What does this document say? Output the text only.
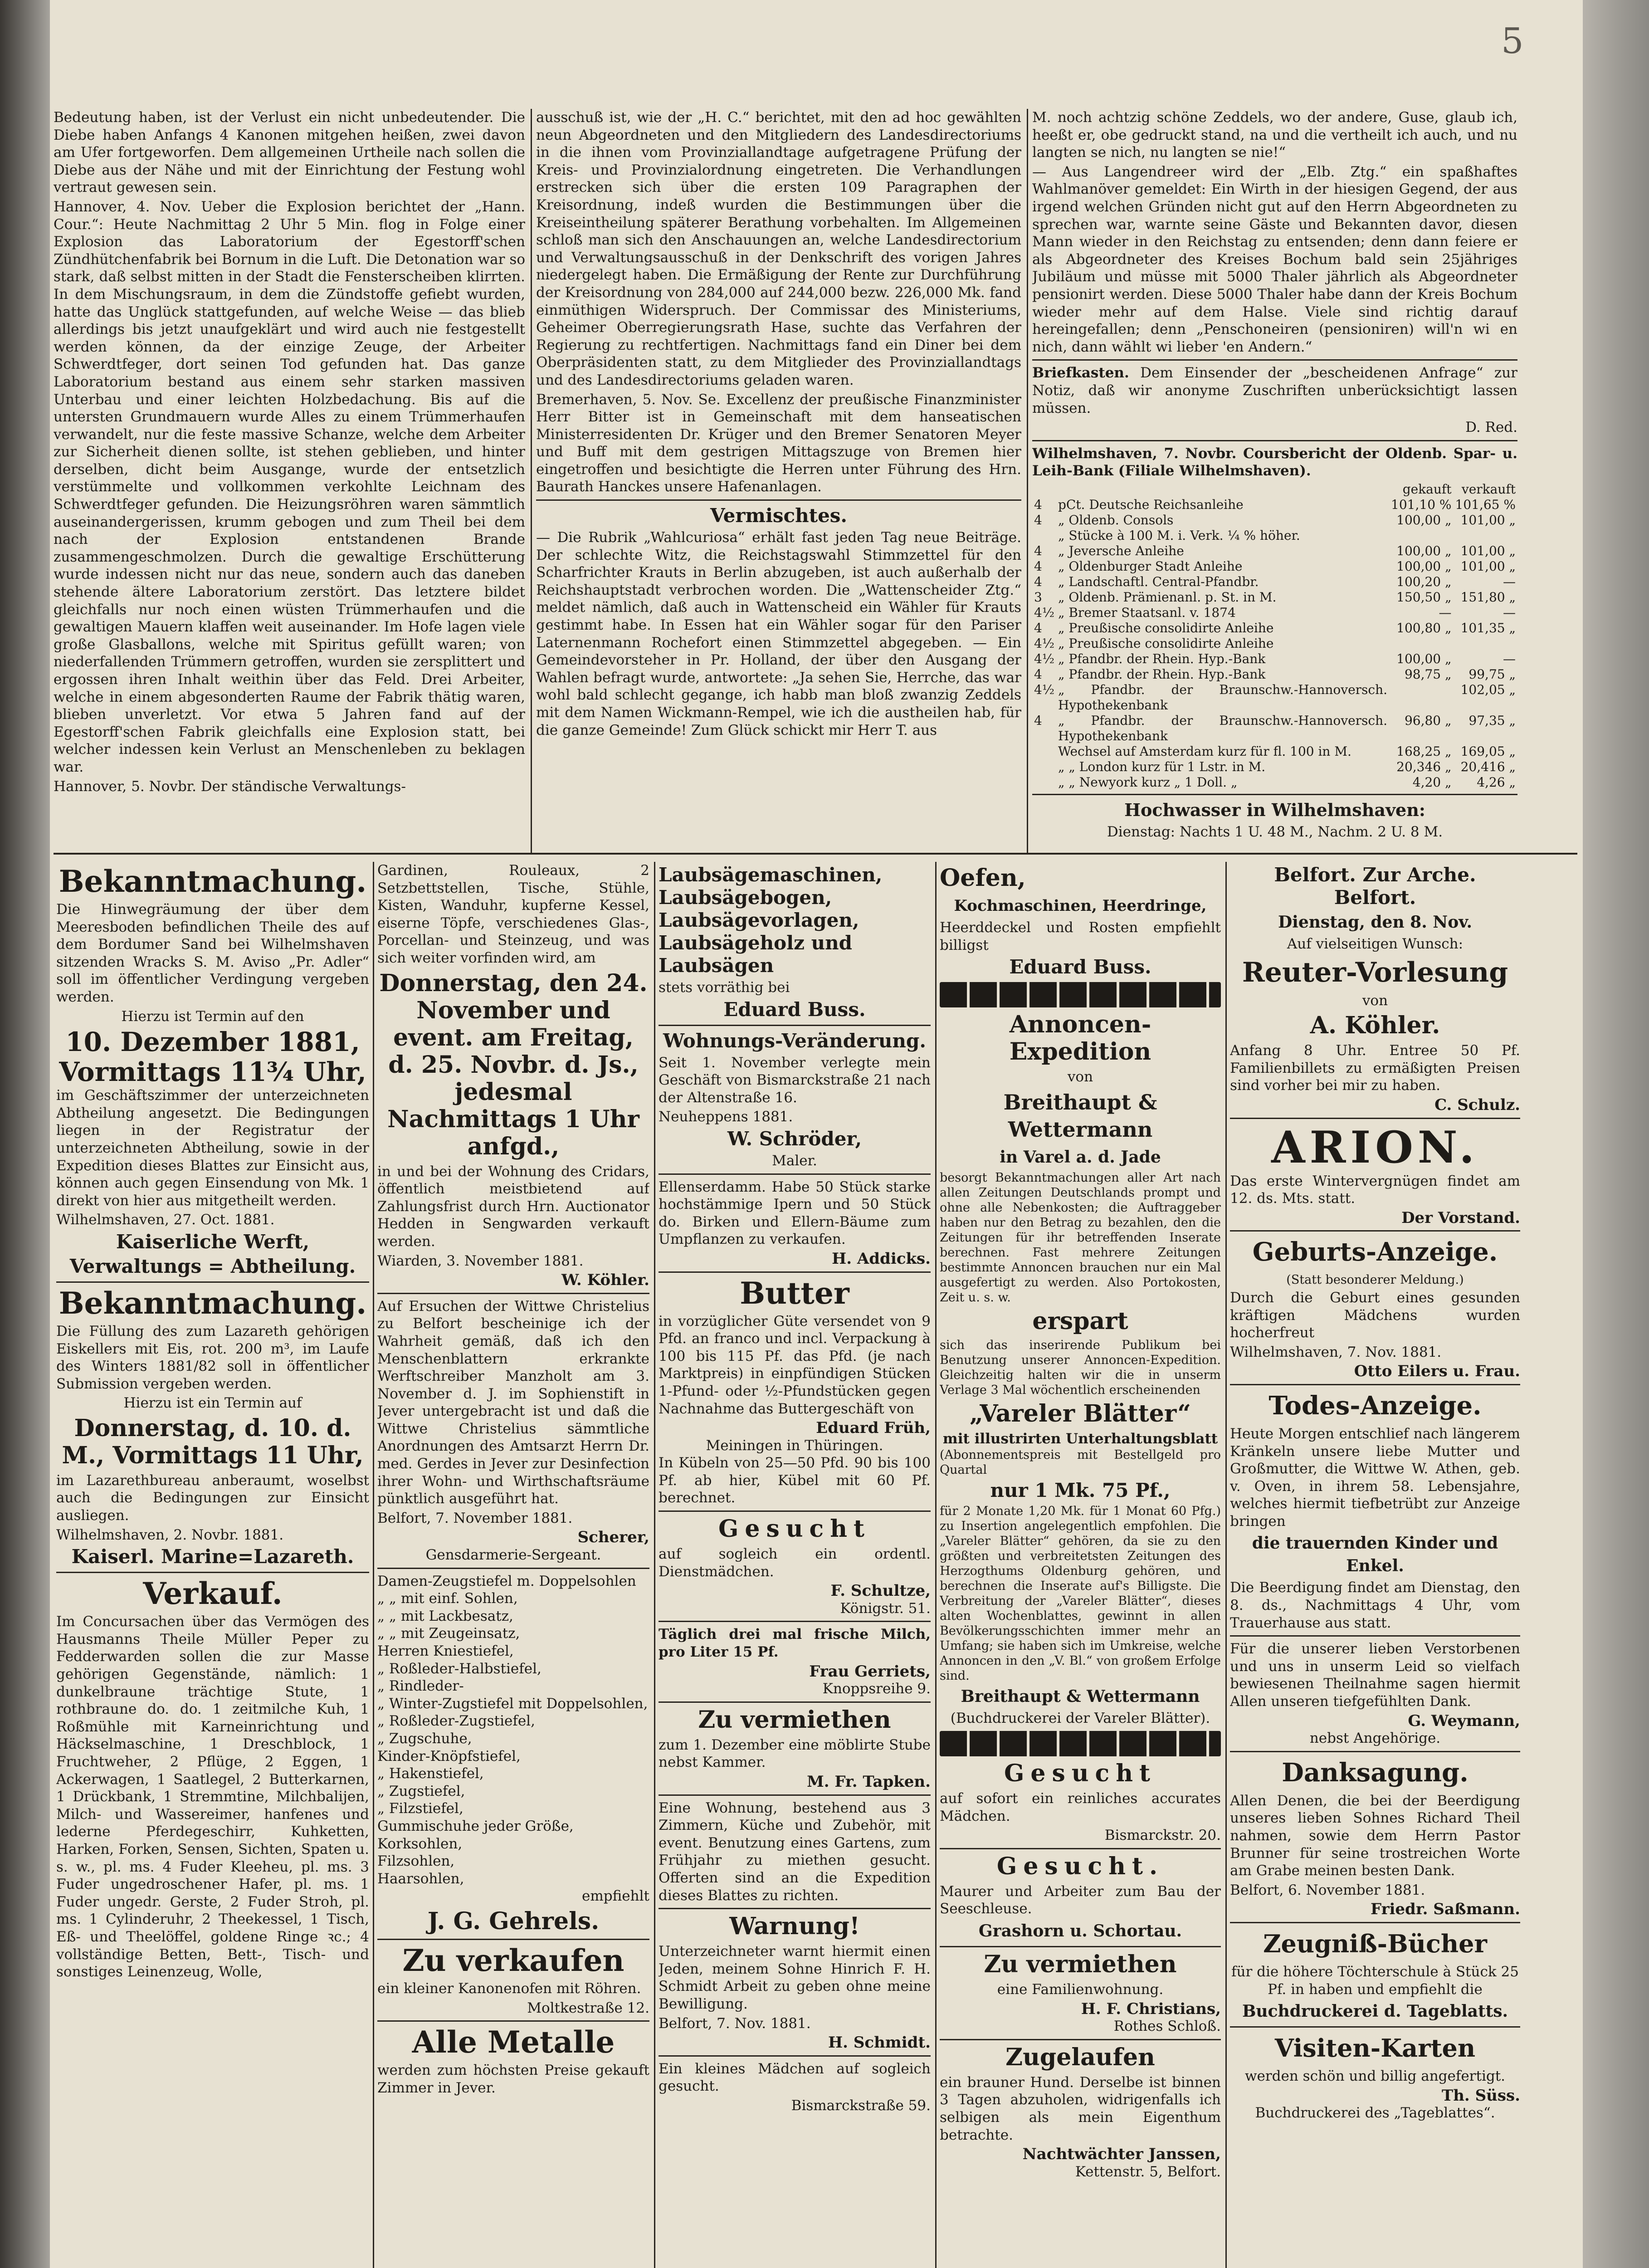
5

Bedeutung haben, ist der Verlust ein nicht unbedeutender. Die Diebe haben Anfangs 4 Kanonen mitgehen heißen, zwei davon am Ufer fortgeworfen. Dem allgemeinen Urtheile nach sollen die Diebe aus der Nähe und mit der Einrichtung der Festung wohl vertraut gewesen sein.

Hannover, 4. Nov. Ueber die Explosion berichtet der „Hann. Cour.“: Heute Nachmittag 2 Uhr 5 Min. flog in Folge einer Explosion das Laboratorium der Egestorff'schen Zündhütchenfabrik bei Bornum in die Luft. Die Detonation war so stark, daß selbst mitten in der Stadt die Fensterscheiben klirrten. In dem Mischungsraum, in dem die Zündstoffe gefiebt wurden, hatte das Unglück stattgefunden, auf welche Weise — das blieb allerdings bis jetzt unaufgeklärt und wird auch nie festgestellt werden können, da der einzige Zeuge, der Arbeiter Schwerdtfeger, dort seinen Tod gefunden hat. Das ganze Laboratorium bestand aus einem sehr starken massiven Unterbau und einer leichten Holzbedachung. Bis auf die untersten Grundmauern wurde Alles zu einem Trümmerhaufen verwandelt, nur die feste massive Schanze, welche dem Arbeiter zur Sicherheit dienen sollte, ist stehen geblieben, und hinter derselben, dicht beim Ausgange, wurde der entsetzlich verstümmelte und vollkommen verkohlte Leichnam des Schwerdtfeger gefunden. Die Heizungsröhren waren sämmtlich auseinandergerissen, krumm gebogen und zum Theil bei dem nach der Explosion entstandenen Brande zusammengeschmolzen. Durch die gewaltige Erschütterung wurde indessen nicht nur das neue, sondern auch das daneben stehende ältere Laboratorium zerstört. Das letztere bildet gleichfalls nur noch einen wüsten Trümmerhaufen und die gewaltigen Mauern klaffen weit auseinander. Im Hofe lagen viele große Glasballons, welche mit Spiritus gefüllt waren; von niederfallenden Trümmern getroffen, wurden sie zersplittert und ergossen ihren Inhalt weithin über das Feld. Drei Arbeiter, welche in einem abgesonderten Raume der Fabrik thätig waren, blieben unverletzt. Vor etwa 5 Jahren fand auf der Egestorff'schen Fabrik gleichfalls eine Explosion statt, bei welcher indessen kein Verlust an Menschenleben zu beklagen war.

Hannover, 5. Novbr. Der ständische Verwaltungs-

ausschuß ist, wie der „H. C.“ berichtet, mit den ad hoc gewählten neun Abgeordneten und den Mitgliedern des Landesdirectoriums in die ihnen vom Provinziallandtage aufgetragene Prüfung der Kreis- und Provinzialordnung eingetreten. Die Verhandlungen erstrecken sich über die ersten 109 Paragraphen der Kreisordnung, indeß wurden die Bestimmungen über die Kreiseintheilung späterer Berathung vorbehalten. Im Allgemeinen schloß man sich den Anschauungen an, welche Landesdirectorium und Verwaltungsausschuß in der Denkschrift des vorigen Jahres niedergelegt haben. Die Ermäßigung der Rente zur Durchführung der Kreisordnung von 284,000 auf 244,000 bezw. 226,000 Mk. fand einmüthigen Widerspruch. Der Commissar des Ministeriums, Geheimer Oberregierungsrath Hase, suchte das Verfahren der Regierung zu rechtfertigen. Nachmittags fand ein Diner bei dem Oberpräsidenten statt, zu dem Mitglieder des Provinziallandtags und des Landesdirectoriums geladen waren.

Bremerhaven, 5. Nov. Se. Excellenz der preußische Finanzminister Herr Bitter ist in Gemeinschaft mit dem hanseatischen Ministerresidenten Dr. Krüger und den Bremer Senatoren Meyer und Buff mit dem gestrigen Mittagszuge von Bremen hier eingetroffen und besichtigte die Herren unter Führung des Hrn. Baurath Hanckes unsere Hafenanlagen.

Vermischtes.

— Die Rubrik „Wahlcuriosa“ erhält fast jeden Tag neue Beiträge. Der schlechte Witz, die Reichstagswahl Stimmzettel für den Scharfrichter Krauts in Berlin abzugeben, ist auch außerhalb der Reichshauptstadt verbrochen worden. Die „Wattenscheider Ztg.“ meldet nämlich, daß auch in Wattenscheid ein Wähler für Krauts gestimmt habe. In Essen hat ein Wähler sogar für den Pariser Laternenmann Rochefort einen Stimmzettel abgegeben. — Ein Gemeindevorsteher in Pr. Holland, der über den Ausgang der Wahlen befragt wurde, antwortete: „Ja sehen Sie, Herrche, das war wohl bald schlecht gegange, ich habb man bloß zwanzig Zeddels mit dem Namen Wickmann-Rempel, wie ich die austheilen hab, für die ganze Gemeinde! Zum Glück schickt mir Herr T. aus

M. noch achtzig schöne Zeddels, wo der andere, Guse, glaub ich, heeßt er, obe gedruckt stand, na und die vertheilt ich auch, und nu langten se nich, nu langten se nie!“

— Aus Langendreer wird der „Elb. Ztg.“ ein spaßhaftes Wahlmanöver gemeldet: Ein Wirth in der hiesigen Gegend, der aus irgend welchen Gründen nicht gut auf den Herrn Abgeordneten zu sprechen war, warnte seine Gäste und Bekannten davor, diesen Mann wieder in den Reichstag zu entsenden; denn dann feiere er als Abgeordneter des Kreises Bochum bald sein 25jähriges Jubiläum und müsse mit 5000 Thaler jährlich als Abgeordneter pensionirt werden. Diese 5000 Thaler habe dann der Kreis Bochum wieder mehr auf dem Halse. Viele sind richtig darauf hereingefallen; denn „Penschoneiren (pensioniren) will'n wi en nich, dann wählt wi lieber 'en Andern.“

Briefkasten. Dem Einsender der „bescheidenen Anfrage“ zur Notiz, daß wir anonyme Zuschriften unberücksichtigt lassen müssen.

D. Red.

Wilhelmshaven, 7. Novbr. Coursbericht der Oldenb. Spar- u. Leih-Bank (Filiale Wilhelmshaven).

		gekauft	verkauft
4	pCt. Deutsche Reichsanleihe	101,10 %	101,65 %
4	„ Oldenb. Consols	100,00 „	101,00 „
	„ Stücke à 100 M. i. Verk. ¼ % höher.		
4	„ Jeversche Anleihe	100,00 „	101,00 „
4	„ Oldenburger Stadt Anleihe	100,00 „	101,00 „
4	„ Landschaftl. Central-Pfandbr.	100,20 „	—
3	„ Oldenb. Prämienanl. p. St. in M.	150,50 „	151,80 „
4½	„ Bremer Staatsanl. v. 1874	—	—
4	„ Preußische consolidirte Anleihe	100,80 „	101,35 „
4½	„ Preußische consolidirte Anleihe		
4½	„ Pfandbr. der Rhein. Hyp.-Bank	100,00 „	—
4	„ Pfandbr. der Rhein. Hyp.-Bank	98,75 „	99,75 „
4½	„ Pfandbr. der Braunschw.-Hannoversch. Hypothekenbank		102,05 „
4	„ Pfandbr. der Braunschw.-Hannoversch. Hypothekenbank	96,80 „	97,35 „
	Wechsel auf Amsterdam kurz für fl. 100 in M.	168,25 „	169,05 „
	„ „ London kurz für 1 Lstr. in M.	20,346 „	20,416 „
	„ „ Newyork kurz „ 1 Doll. „	4,20 „	4,26 „
Hochwasser in Wilhelmshaven:
Dienstag: Nachts 1 U. 48 M., Nachm. 2 U. 8 M.
Bekanntmachung.

Die Hinwegräumung der über dem Meeresboden befindlichen Theile des auf dem Bordumer Sand bei Wilhelmshaven sitzenden Wracks S. M. Aviso „Pr. Adler“ soll im öffentlicher Verdingung vergeben werden.

Hierzu ist Termin auf den

10. Dezember 1881, Vormittags 11¾ Uhr,

im Geschäftszimmer der unterzeichneten Abtheilung angesetzt. Die Bedingungen liegen in der Registratur der unterzeichneten Abtheilung, sowie in der Expedition dieses Blattes zur Einsicht aus, können auch gegen Einsendung von Mk. 1 direkt von hier aus mitgetheilt werden.

Wilhelmshaven, 27. Oct. 1881.

Kaiserliche Werft,
Verwaltungs = Abtheilung.
Bekanntmachung.

Die Füllung des zum Lazareth gehörigen Eiskellers mit Eis, rot. 200 m³, im Laufe des Winters 1881/82 soll in öffentlicher Submission vergeben werden.

Hierzu ist ein Termin auf

Donnerstag, d. 10. d. M., Vormittags 11 Uhr,

im Lazarethbureau anberaumt, woselbst auch die Bedingungen zur Einsicht ausliegen.

Wilhelmshaven, 2. Novbr. 1881.

Kaiserl. Marine=Lazareth.
Verkauf.

Im Concursachen über das Vermögen des Hausmanns Theile Müller Peper zu Fedderwarden sollen die zur Masse gehörigen Gegenstände, nämlich: 1 dunkelbraune trächtige Stute, 1 rothbraune do. do. 1 zeitmilche Kuh, 1 Roßmühle mit Karneinrichtung und Häckselmaschine, 1 Dreschblock, 1 Fruchtweher, 2 Pflüge, 2 Eggen, 1 Ackerwagen, 1 Saatlegel, 2 Butterkarnen, 1 Drückbank, 1 Stremmtine, Milchbalijen, Milch- und Wassereimer, hanfenes und lederne Pferdegeschirr, Kuhketten, Harken, Forken, Sensen, Sichten, Spaten u. s. w., pl. ms. 4 Fuder Kleeheu, pl. ms. 3 Fuder ungedroschener Hafer, pl. ms. 1 Fuder ungedr. Gerste, 2 Fuder Stroh, pl. ms. 1 Cylinderuhr, 2 Theekessel, 1 Tisch, Eß- und Theelöffel, goldene Ringe ꝛc.; 4 vollständige Betten, Bett-, Tisch- und sonstiges Leinenzeug, Wolle,

Gardinen, Rouleaux, 2 Setzbettstellen, Tische, Stühle, Kisten, Wanduhr, kupferne Kessel, eiserne Töpfe, verschiedenes Glas-, Porcellan- und Steinzeug, und was sich weiter vorfinden wird, am

Donnerstag, den 24. November und event. am Freitag, d. 25. Novbr. d. Js., jedesmal Nachmittags 1 Uhr anfgd.,

in und bei der Wohnung des Cridars, öffentlich meistbietend auf Zahlungsfrist durch Hrn. Auctionator Hedden in Sengwarden verkauft werden.

Wiarden, 3. November 1881.

W. Köhler.

Auf Ersuchen der Wittwe Christelius zu Belfort bescheinige ich der Wahrheit gemäß, daß ich den Menschenblattern erkrankte Werftschreiber Manzholt am 3. November d. J. im Sophienstift in Jever untergebracht ist und daß die Wittwe Christelius sämmtliche Anordnungen des Amtsarzt Herrn Dr. med. Gerdes in Jever zur Desinfection ihrer Wohn- und Wirthschaftsräume pünktlich ausgeführt hat.

Belfort, 7. November 1881.

Scherer,
Gensdarmerie-Sergeant.
Damen-Zeugstiefel m. Doppelsohlen
„ „ mit einf. Sohlen,
„ „ mit Lackbesatz,
„ „ mit Zeugeinsatz,
Herren Kniestiefel,
„ Roßleder-Halbstiefel,
„ Rindleder-
„ Winter-Zugstiefel mit Doppelsohlen,
„ Roßleder-Zugstiefel,
„ Zugschuhe,
Kinder-Knöpfstiefel,
„ Hakenstiefel,
„ Zugstiefel,
„ Filzstiefel,
Gummischuhe jeder Größe,
Korksohlen,
Filzsohlen,
Haarsohlen,
empfiehlt
J. G. Gehrels.
Zu verkaufen

ein kleiner Kanonenofen mit Röhren.

Moltkestraße 12.
Alle Metalle

werden zum höchsten Preise gekauft Zimmer in Jever.

Laubsägemaschinen, Laubsägebogen, Laubsägevorlagen, Laubsägeholz und Laubsägen

stets vorräthig bei

Eduard Buss.
Wohnungs-Veränderung.

Seit 1. November verlegte mein Geschäft von Bismarckstraße 21 nach der Altenstraße 16.

Neuheppens 1881.

W. Schröder,
Maler.

Ellenserdamm. Habe 50 Stück starke hochstämmige Ipern und 50 Stück do. Birken und Ellern-Bäume zum Umpflanzen zu verkaufen.

H. Addicks.
Butter

in vorzüglicher Güte versendet von 9 Pfd. an franco und incl. Verpackung à 100 bis 115 Pf. das Pfd. (je nach Marktpreis) in einpfündigen Stücken 1-Pfund- oder ½-Pfundstücken gegen Nachnahme das Buttergeschäft von

Eduard Früh,
Meiningen in Thüringen.

In Kübeln von 25—50 Pfd. 90 bis 100 Pf. ab hier, Kübel mit 60 Pf. berechnet.

Gesucht

auf sogleich ein ordentl. Dienstmädchen.

F. Schultze,
Königstr. 51.

Täglich drei mal frische Milch, pro Liter 15 Pf.

Frau Gerriets,
Knoppsreihe 9.
Zu vermiethen

zum 1. Dezember eine möblirte Stube nebst Kammer.

M. Fr. Tapken.

Eine Wohnung, bestehend aus 3 Zimmern, Küche und Zubehör, mit event. Benutzung eines Gartens, zum Frühjahr zu miethen gesucht. Offerten sind an die Expedition dieses Blattes zu richten.

Warnung!

Unterzeichneter warnt hiermit einen Jeden, meinem Sohne Hinrich F. H. Schmidt Arbeit zu geben ohne meine Bewilligung.

Belfort, 7. Nov. 1881.

H. Schmidt.

Ein kleines Mädchen auf sogleich gesucht.

Bismarckstraße 59.
Oefen,
Kochmaschinen, Heerdringe,

Heerddeckel und Rosten empfiehlt billigst

Eduard Buss.
Annoncen-Expedition
von
Breithaupt & Wettermann
in Varel a. d. Jade

besorgt Bekanntmachungen aller Art nach allen Zeitungen Deutschlands prompt und ohne alle Nebenkosten; die Auftraggeber haben nur den Betrag zu bezahlen, den die Zeitungen für ihr betreffenden Inserate berechnen. Fast mehrere Zeitungen bestimmte Annoncen brauchen nur ein Mal ausgefertigt zu werden. Also Portokosten, Zeit u. s. w.

erspart

sich das inserirende Publikum bei Benutzung unserer Annoncen-Expedition. Gleichzeitig halten wir die in unserm Verlage 3 Mal wöchentlich erscheinenden

„Vareler Blätter“
mit illustrirten Unterhaltungsblatt

(Abonnementspreis mit Bestellgeld pro Quartal

nur 1 Mk. 75 Pf.,

für 2 Monate 1,20 Mk. für 1 Monat 60 Pfg.) zu Insertion angelegentlich empfohlen. Die „Vareler Blätter“ gehören, da sie zu den größten und verbreitetsten Zeitungen des Herzogthums Oldenburg gehören, und berechnen die Inserate auf's Billigste. Die Verbreitung der „Vareler Blätter“, dieses alten Wochenblattes, gewinnt in allen Bevölkerungsschichten immer mehr an Umfang; sie haben sich im Umkreise, welche Annoncen in den „V. Bl.“ von großem Erfolge sind.

Breithaupt & Wettermann
(Buchdruckerei der Vareler Blätter).
Gesucht

auf sofort ein reinliches accurates Mädchen.

Bismarckstr. 20.
Gesucht.

Maurer und Arbeiter zum Bau der Seeschleuse.

Grashorn u. Schortau.
Zu vermiethen

eine Familienwohnung.

H. F. Christians,
Rothes Schloß.
Zugelaufen

ein brauner Hund. Derselbe ist binnen 3 Tagen abzuholen, widrigenfalls ich selbigen als mein Eigenthum betrachte.

Nachtwächter Janssen,
Kettenstr. 5, Belfort.
Belfort. Zur Arche. Belfort.
Dienstag, den 8. Nov.
Auf vielseitigen Wunsch:
Reuter-Vorlesung
von
A. Köhler.

Anfang 8 Uhr. Entree 50 Pf. Familienbillets zu ermäßigten Preisen sind vorher bei mir zu haben.

C. Schulz.
ARION.

Das erste Wintervergnügen findet am 12. ds. Mts. statt.

Der Vorstand.
Geburts-Anzeige.
(Statt besonderer Meldung.)

Durch die Geburt eines gesunden kräftigen Mädchens wurden hocherfreut

Wilhelmshaven, 7. Nov. 1881.

Otto Eilers u. Frau.
Todes-Anzeige.

Heute Morgen entschlief nach längerem Kränkeln unsere liebe Mutter und Großmutter, die Wittwe W. Athen, geb. v. Oven, in ihrem 58. Lebensjahre, welches hiermit tiefbetrübt zur Anzeige bringen

die trauernden Kinder und Enkel.

Die Beerdigung findet am Dienstag, den 8. ds., Nachmittags 4 Uhr, vom Trauerhause aus statt.

Für die unserer lieben Verstorbenen und uns in unserm Leid so vielfach bewiesenen Theilnahme sagen hiermit Allen unseren tiefgefühlten Dank.

G. Weymann,
nebst Angehörige.
Danksagung.

Allen Denen, die bei der Beerdigung unseres lieben Sohnes Richard Theil nahmen, sowie dem Herrn Pastor Brunner für seine trostreichen Worte am Grabe meinen besten Dank.

Belfort, 6. November 1881.

Friedr. Saßmann.
Zeugniß-Bücher

für die höhere Töchterschule à Stück 25 Pf. in haben und empfiehlt die

Buchdruckerei d. Tageblatts.
Visiten-Karten

werden schön und billig angefertigt.

Th. Süss.
Buchdruckerei des „Tageblattes“.
